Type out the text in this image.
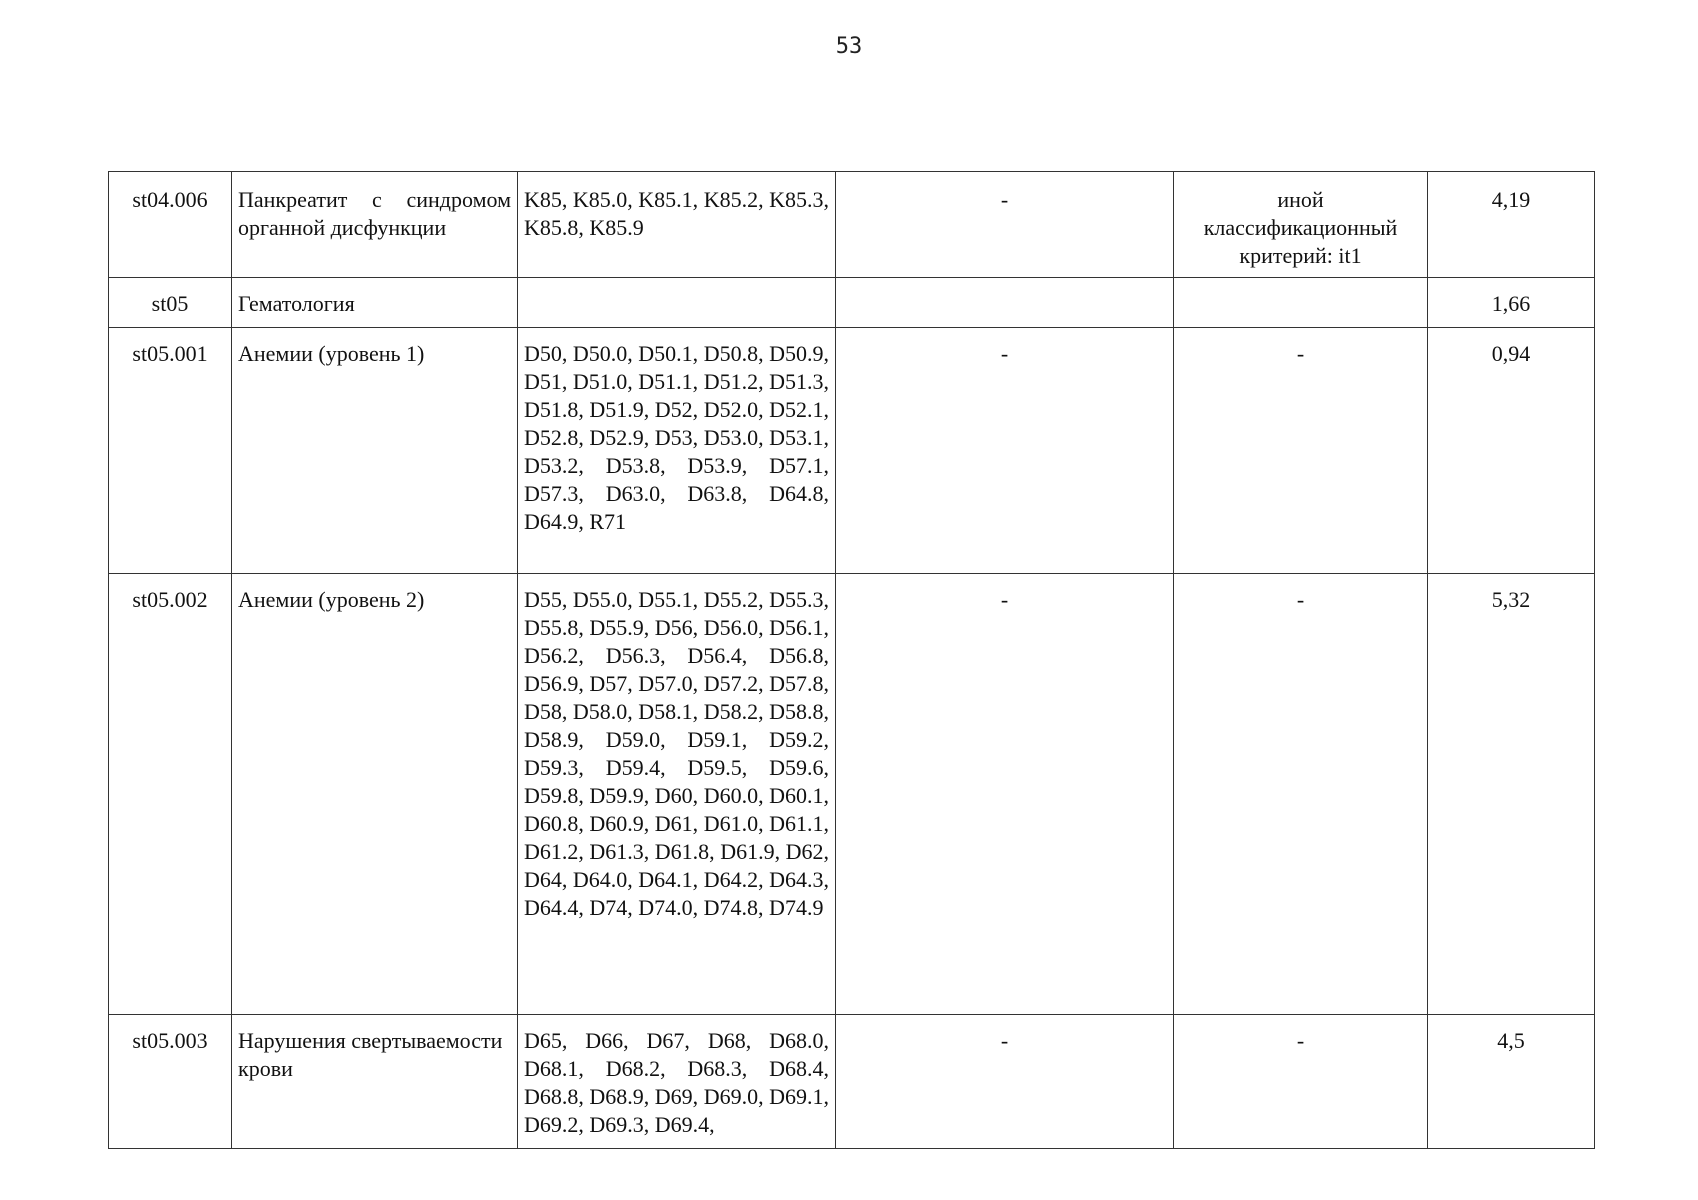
53
st04.006	Панкреатит с синдромом органной дисфункции	K85, K85.0, K85.1, K85.2, K85.3, K85.8, K85.9	-	иной классификационный критерий: it1	4,19
st05	Гематология				1,66
st05.001	Анемии (уровень 1)	D50, D50.0, D50.1, D50.8, D50.9, D51, D51.0, D51.1, D51.2, D51.3, D51.8, D51.9, D52, D52.0, D52.1, D52.8, D52.9, D53, D53.0, D53.1, D53.2, D53.8, D53.9, D57.1, D57.3, D63.0, D63.8, D64.8, D64.9, R71	-	-	0,94
st05.002	Анемии (уровень 2)	D55, D55.0, D55.1, D55.2, D55.3, D55.8, D55.9, D56, D56.0, D56.1, D56.2, D56.3, D56.4, D56.8, D56.9, D57, D57.0, D57.2, D57.8, D58, D58.0, D58.1, D58.2, D58.8, D58.9, D59.0, D59.1, D59.2, D59.3, D59.4, D59.5, D59.6, D59.8, D59.9, D60, D60.0, D60.1, D60.8, D60.9, D61, D61.0, D61.1, D61.2, D61.3, D61.8, D61.9, D62, D64, D64.0, D64.1, D64.2, D64.3, D64.4, D74, D74.0, D74.8, D74.9	-	-	5,32
st05.003	Нарушения свертываемости крови	D65, D66, D67, D68, D68.0, D68.1, D68.2, D68.3, D68.4, D68.8, D68.9, D69, D69.0, D69.1, D69.2, D69.3, D69.4,	-	-	4,5
